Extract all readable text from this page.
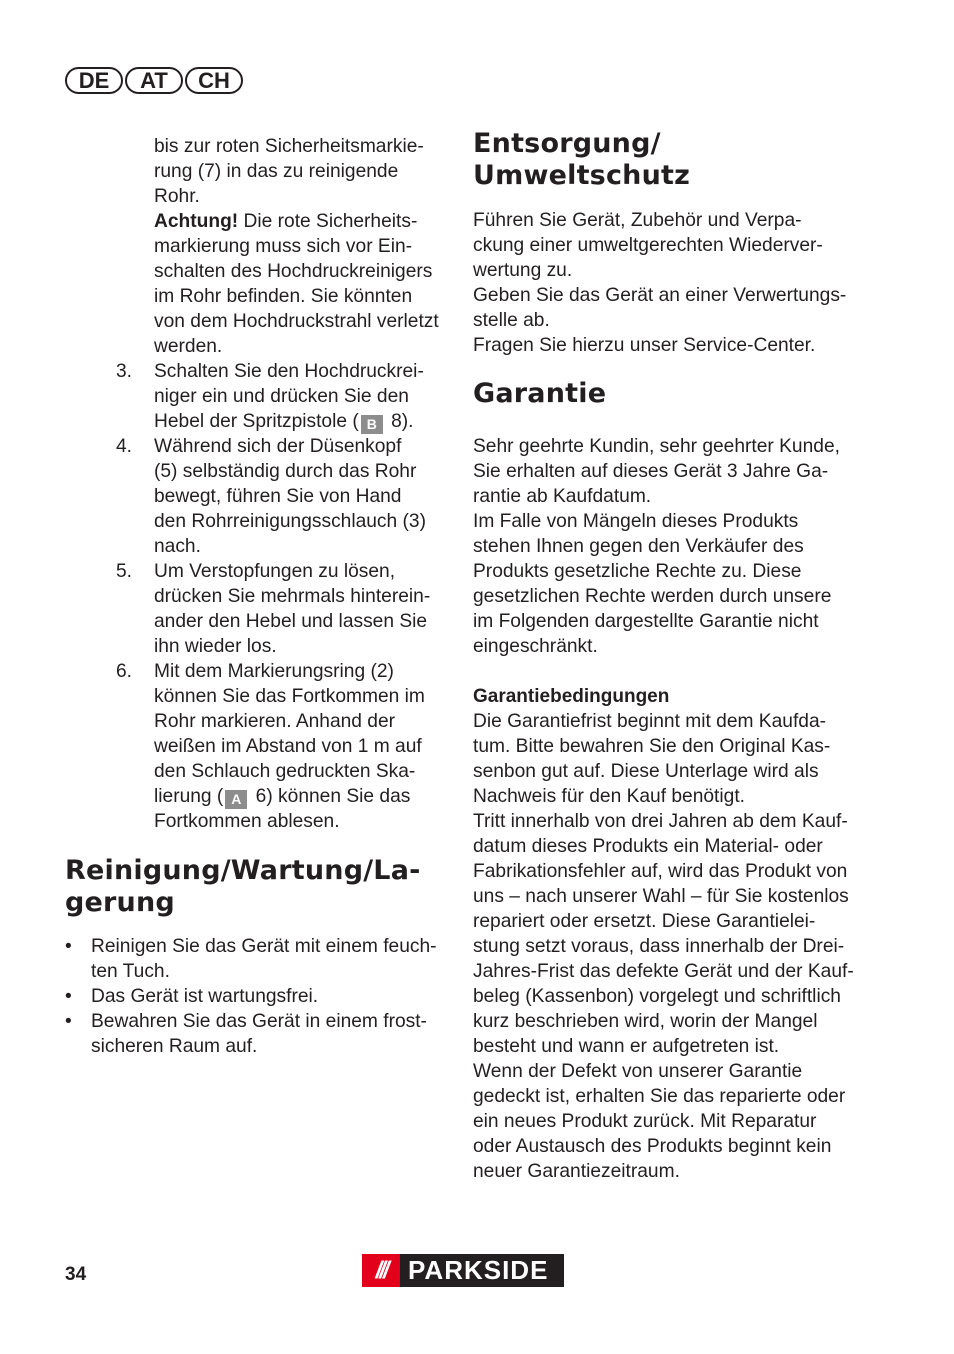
DE	AT	CH
bis zur roten Sicherheitsmarkie-
rung (7) in das zu reinigende
Rohr.
Achtung! Die rote Sicherheits-
markierung muss sich vor Ein-
schalten des Hochdruckreinigers
im Rohr befinden. Sie könnten
von dem Hochdruckstrahl verletzt
werden.
3. Schalten Sie den Hochdruckrei-
niger ein und drücken Sie den
Hebel der Spritzpistole ( B 8).
4. Während sich der Düsenkopf
(5) selbständig durch das Rohr
bewegt, führen Sie von Hand
den Rohrreinigungsschlauch (3)
nach.
5. Um Verstopfungen zu lösen,
drücken Sie mehrmals hinterein-
ander den Hebel und lassen Sie
ihn wieder los.
6. Mit dem Markierungsring (2)
können Sie das Fortkommen im
Rohr markieren. Anhand der
weißen im Abstand von 1 m auf
den Schlauch gedruckten Ska-
lierung ( A 6) können Sie das
Fortkommen ablesen.
Reinigung/Wartung/La-
gerung
• Reinigen Sie das Gerät mit einem feuch-
ten Tuch.
• Das Gerät ist wartungsfrei.
• Bewahren Sie das Gerät in einem frost-
sicheren Raum auf.
Entsorgung/
Umweltschutz
Führen Sie Gerät, Zubehör und Verpa-
ckung einer umweltgerechten Wiederver-
wertung zu.
Geben Sie das Gerät an einer Verwertungs-
stelle ab.
Fragen Sie hierzu unser Service-Center.
Garantie
Sehr geehrte Kundin, sehr geehrter Kunde,
Sie erhalten auf dieses Gerät 3 Jahre Ga-
rantie ab Kaufdatum.
Im Falle von Mängeln dieses Produkts
stehen Ihnen gegen den Verkäufer des
Produkts gesetzliche Rechte zu. Diese
gesetzlichen Rechte werden durch unsere
im Folgenden dargestellte Garantie nicht
eingeschränkt.
Garantiebedingungen
Die Garantiefrist beginnt mit dem Kaufda-
tum. Bitte bewahren Sie den Original Kas-
senbon gut auf. Diese Unterlage wird als
Nachweis für den Kauf benötigt.
Tritt innerhalb von drei Jahren ab dem Kauf-
datum dieses Produkts ein Material- oder
Fabrikationsfehler auf, wird das Produkt von
uns – nach unserer Wahl – für Sie kostenlos
repariert oder ersetzt. Diese Garantielei-
stung setzt voraus, dass innerhalb der Drei-
Jahres-Frist das defekte Gerät und der Kauf-
beleg (Kassenbon) vorgelegt und schriftlich
kurz beschrieben wird, worin der Mangel
besteht und wann er aufgetreten ist.
Wenn der Defekt von unserer Garantie
gedeckt ist, erhalten Sie das reparierte oder
ein neues Produkt zurück. Mit Reparatur
oder Austausch des Produkts beginnt kein
neuer Garantiezeitraum.
34	/// PARKSIDE
